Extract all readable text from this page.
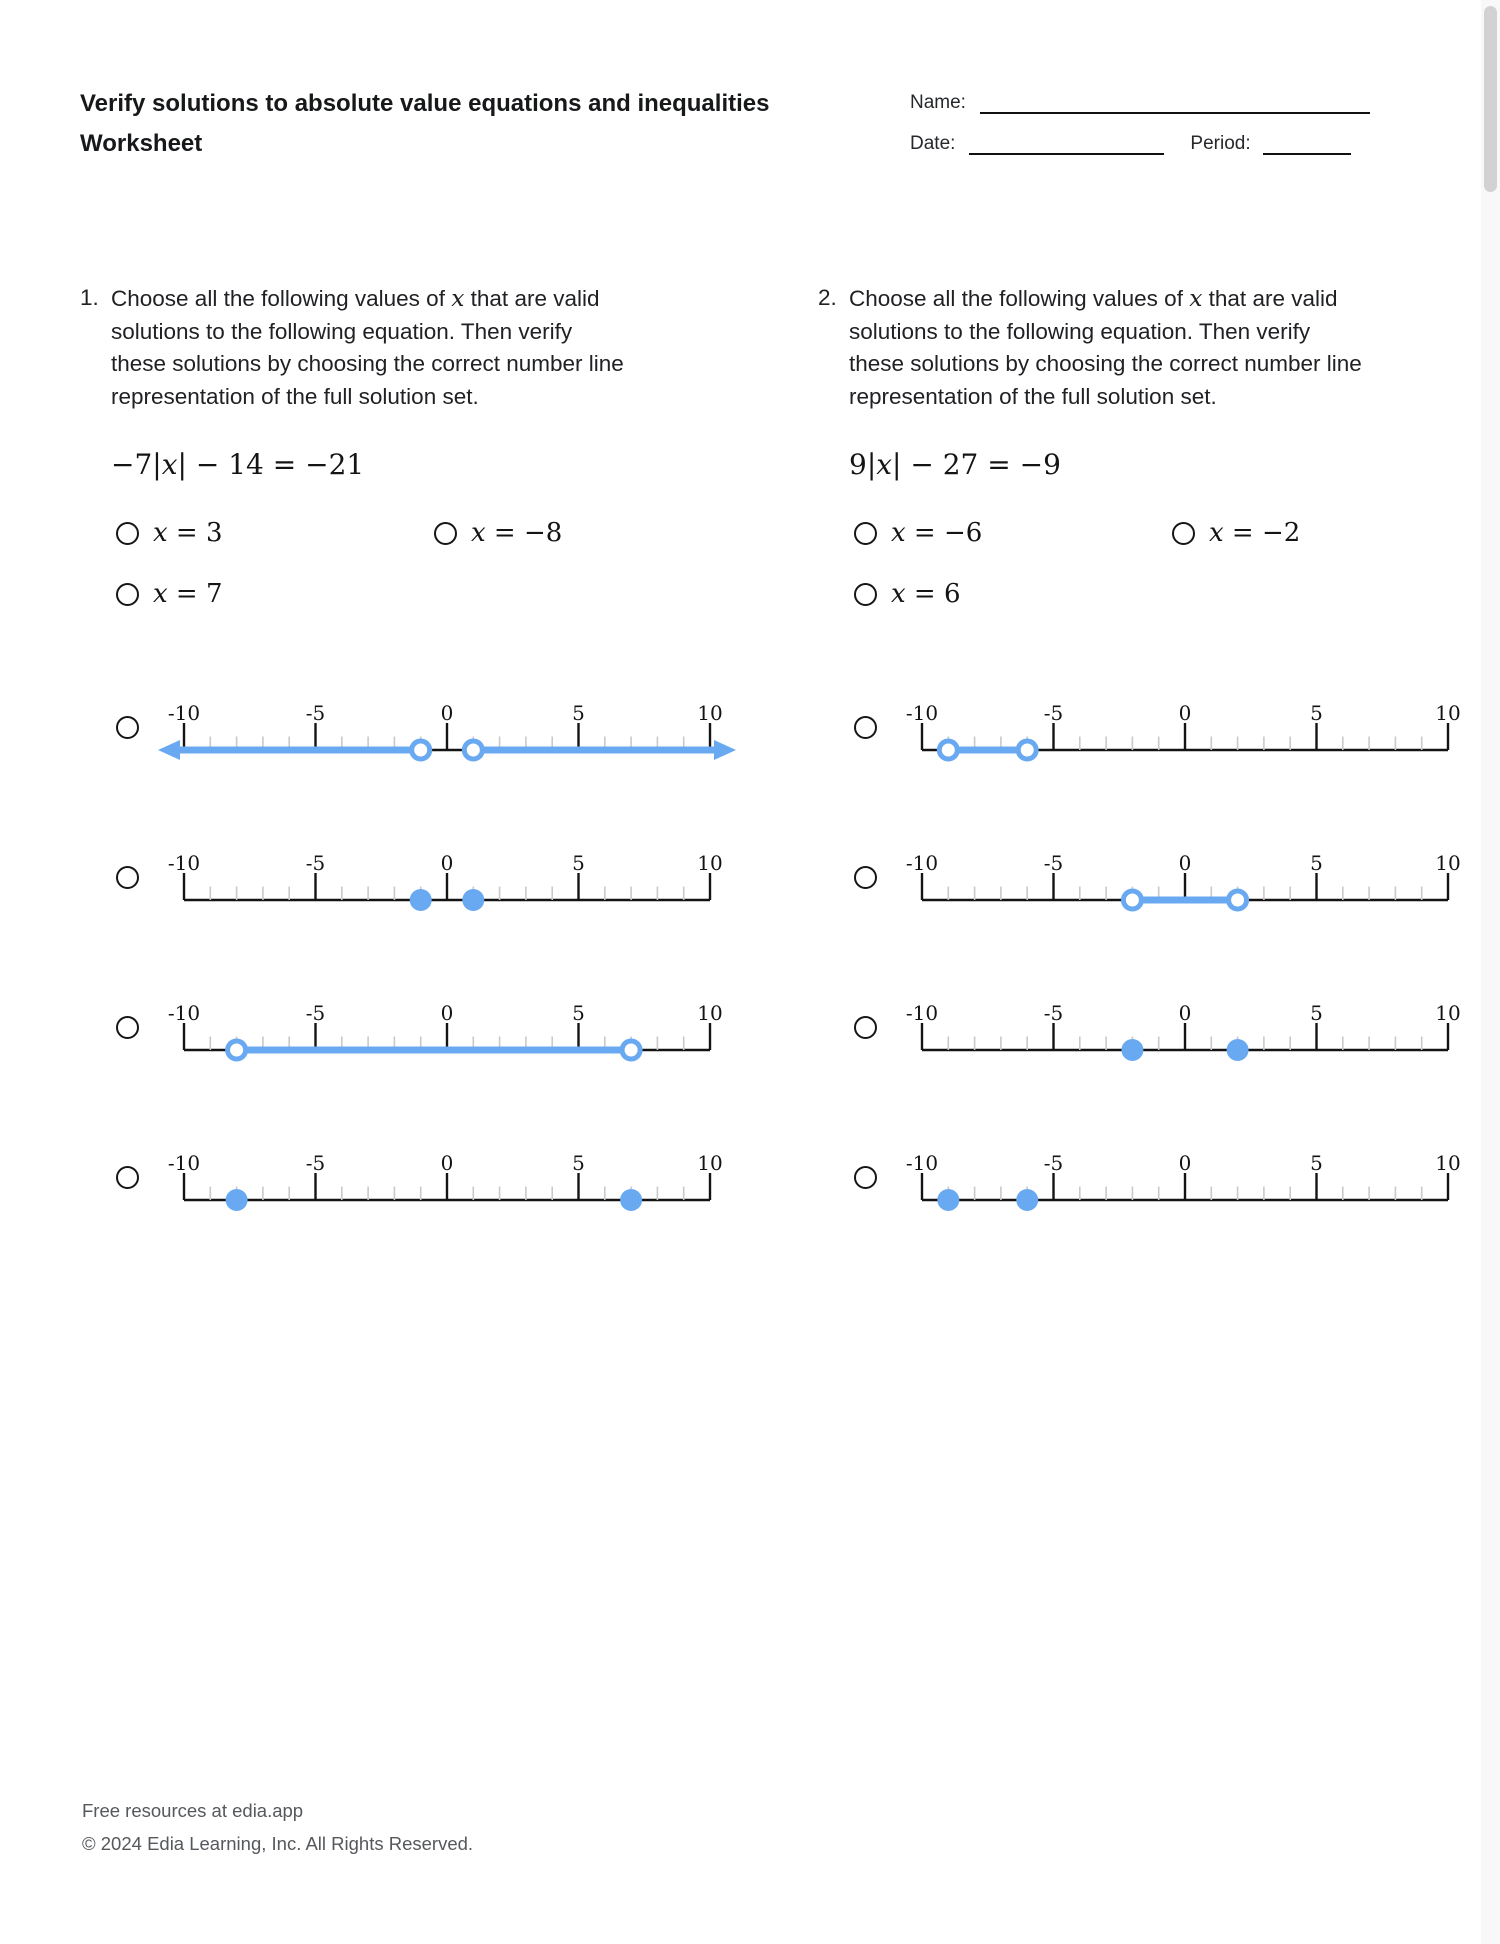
Verify solutions to absolute value equations and inequalities
Worksheet
Name:
Date:	Period:
1. Choose all the following values of x that are valid
solutions to the following equation. Then verify
these solutions by choosing the correct number line
representation of the full solution set.
−7|x| − 14 = −21
x = 3	x = −8
x = 7
-10	-5	0	5	10
-10	-5	0	5	10
-10	-5	0	5	10
-10	-5	0	5	10
2. Choose all the following values of x that are valid
solutions to the following equation. Then verify
these solutions by choosing the correct number line
representation of the full solution set.
9|x| − 27 = −9
x = −6	x = −2
x = 6
-10	-5	0	5	10
-10	-5	0	5	10
-10	-5	0	5	10
-10	-5	0	5	10
Free resources at edia.app
© 2024 Edia Learning, Inc. All Rights Reserved.
